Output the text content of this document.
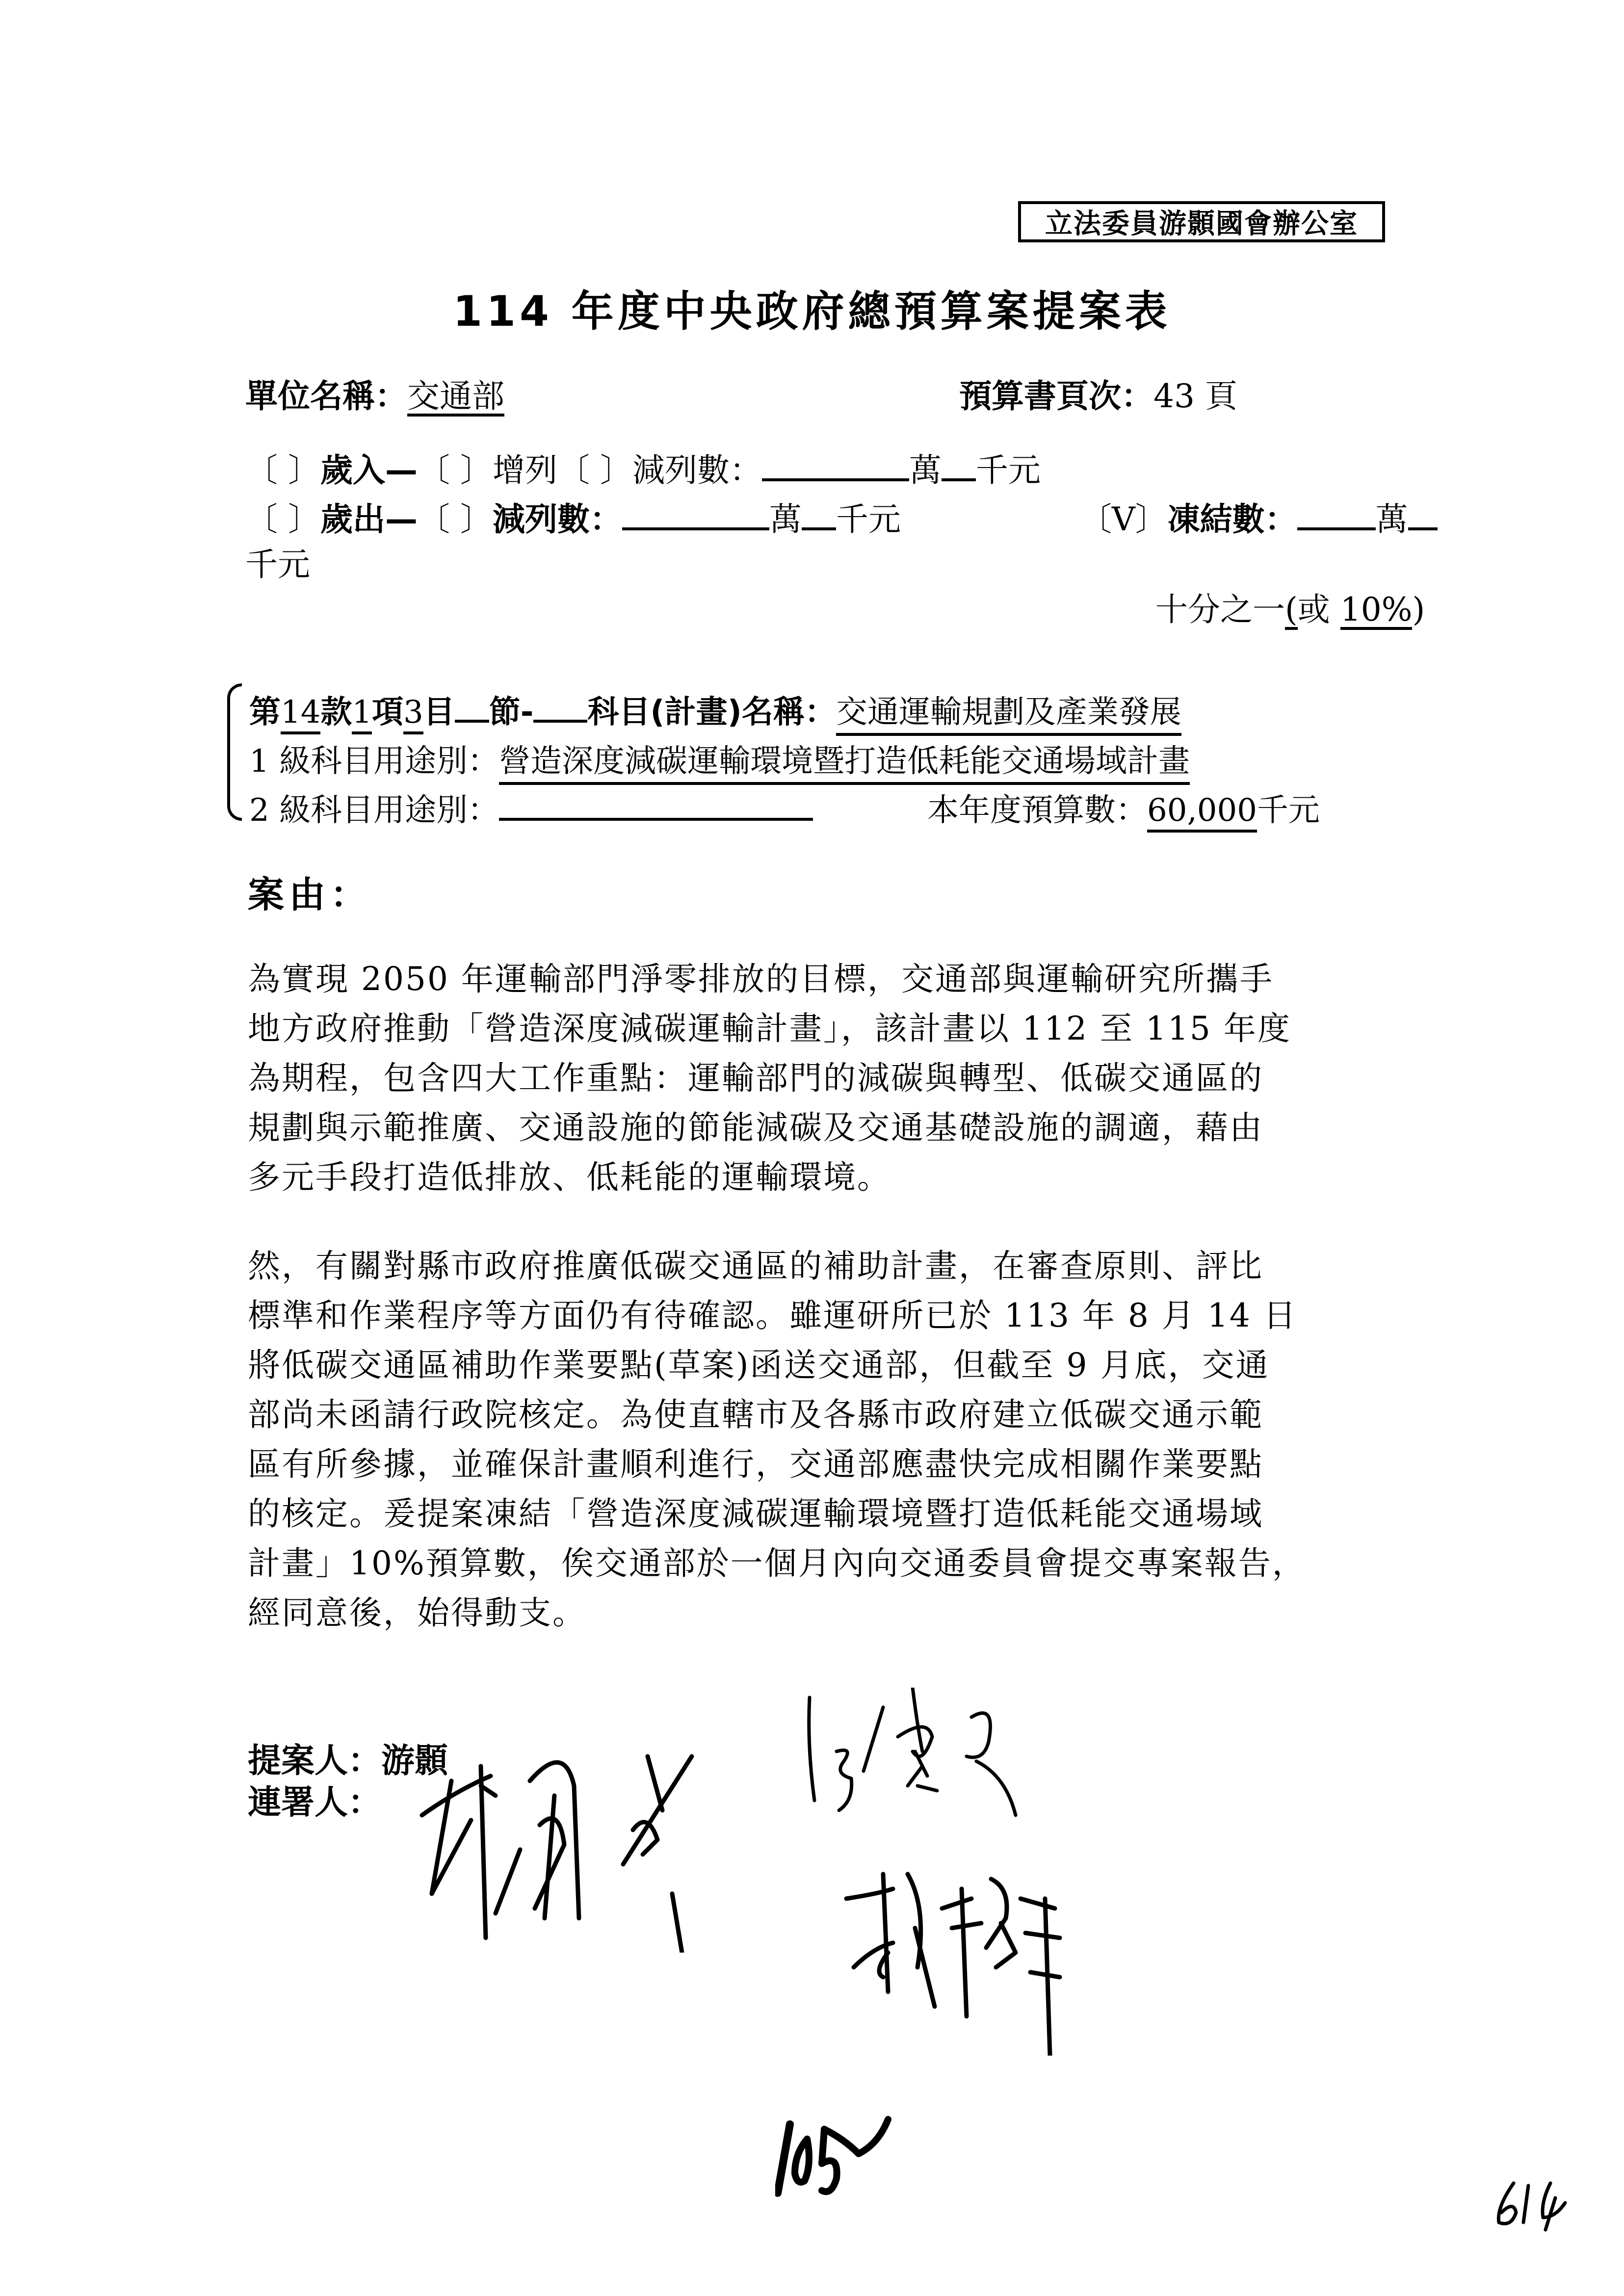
立法委員游顥國會辦公室
114 年度中央政府總預算案提案表
單位名稱：交通部	預算書頁次：43 頁
〔 〕歲入—〔 〕增列〔 〕減列數：	萬 千元
〔 〕歲出—〔 〕減列數：	萬 千元	〔V〕凍結數： 萬
千元
十分之一(或 10%)
第14款1項3目 節- 科目(計畫)名稱：交通運輸規劃及產業發展
1 級科目用途別：營造深度減碳運輸環境暨打造低耗能交通場域計畫
2 級科目用途別：	本年度預算數：60,000千元
案由：
為實現 2050 年運輸部門淨零排放的目標，交通部與運輸研究所攜手
地方政府推動「營造深度減碳運輸計畫」，該計畫以 112 至 115 年度
為期程，包含四大工作重點：運輸部門的減碳與轉型、低碳交通區的
規劃與示範推廣、交通設施的節能減碳及交通基礎設施的調適，藉由
多元手段打造低排放、低耗能的運輸環境。
然，有關對縣市政府推廣低碳交通區的補助計畫，在審查原則、評比
標準和作業程序等方面仍有待確認。雖運研所已於 113 年 8 月 14 日
將低碳交通區補助作業要點(草案)函送交通部，但截至 9 月底，交通
部尚未函請行政院核定。為使直轄市及各縣市政府建立低碳交通示範
區有所參據，並確保計畫順利進行，交通部應盡快完成相關作業要點
的核定。爰提案凍結「營造深度減碳運輸環境暨打造低耗能交通場域
計畫」10%預算數，俟交通部於一個月內向交通委員會提交專案報告，
經同意後，始得動支。
提案人：游顥
連署人：
